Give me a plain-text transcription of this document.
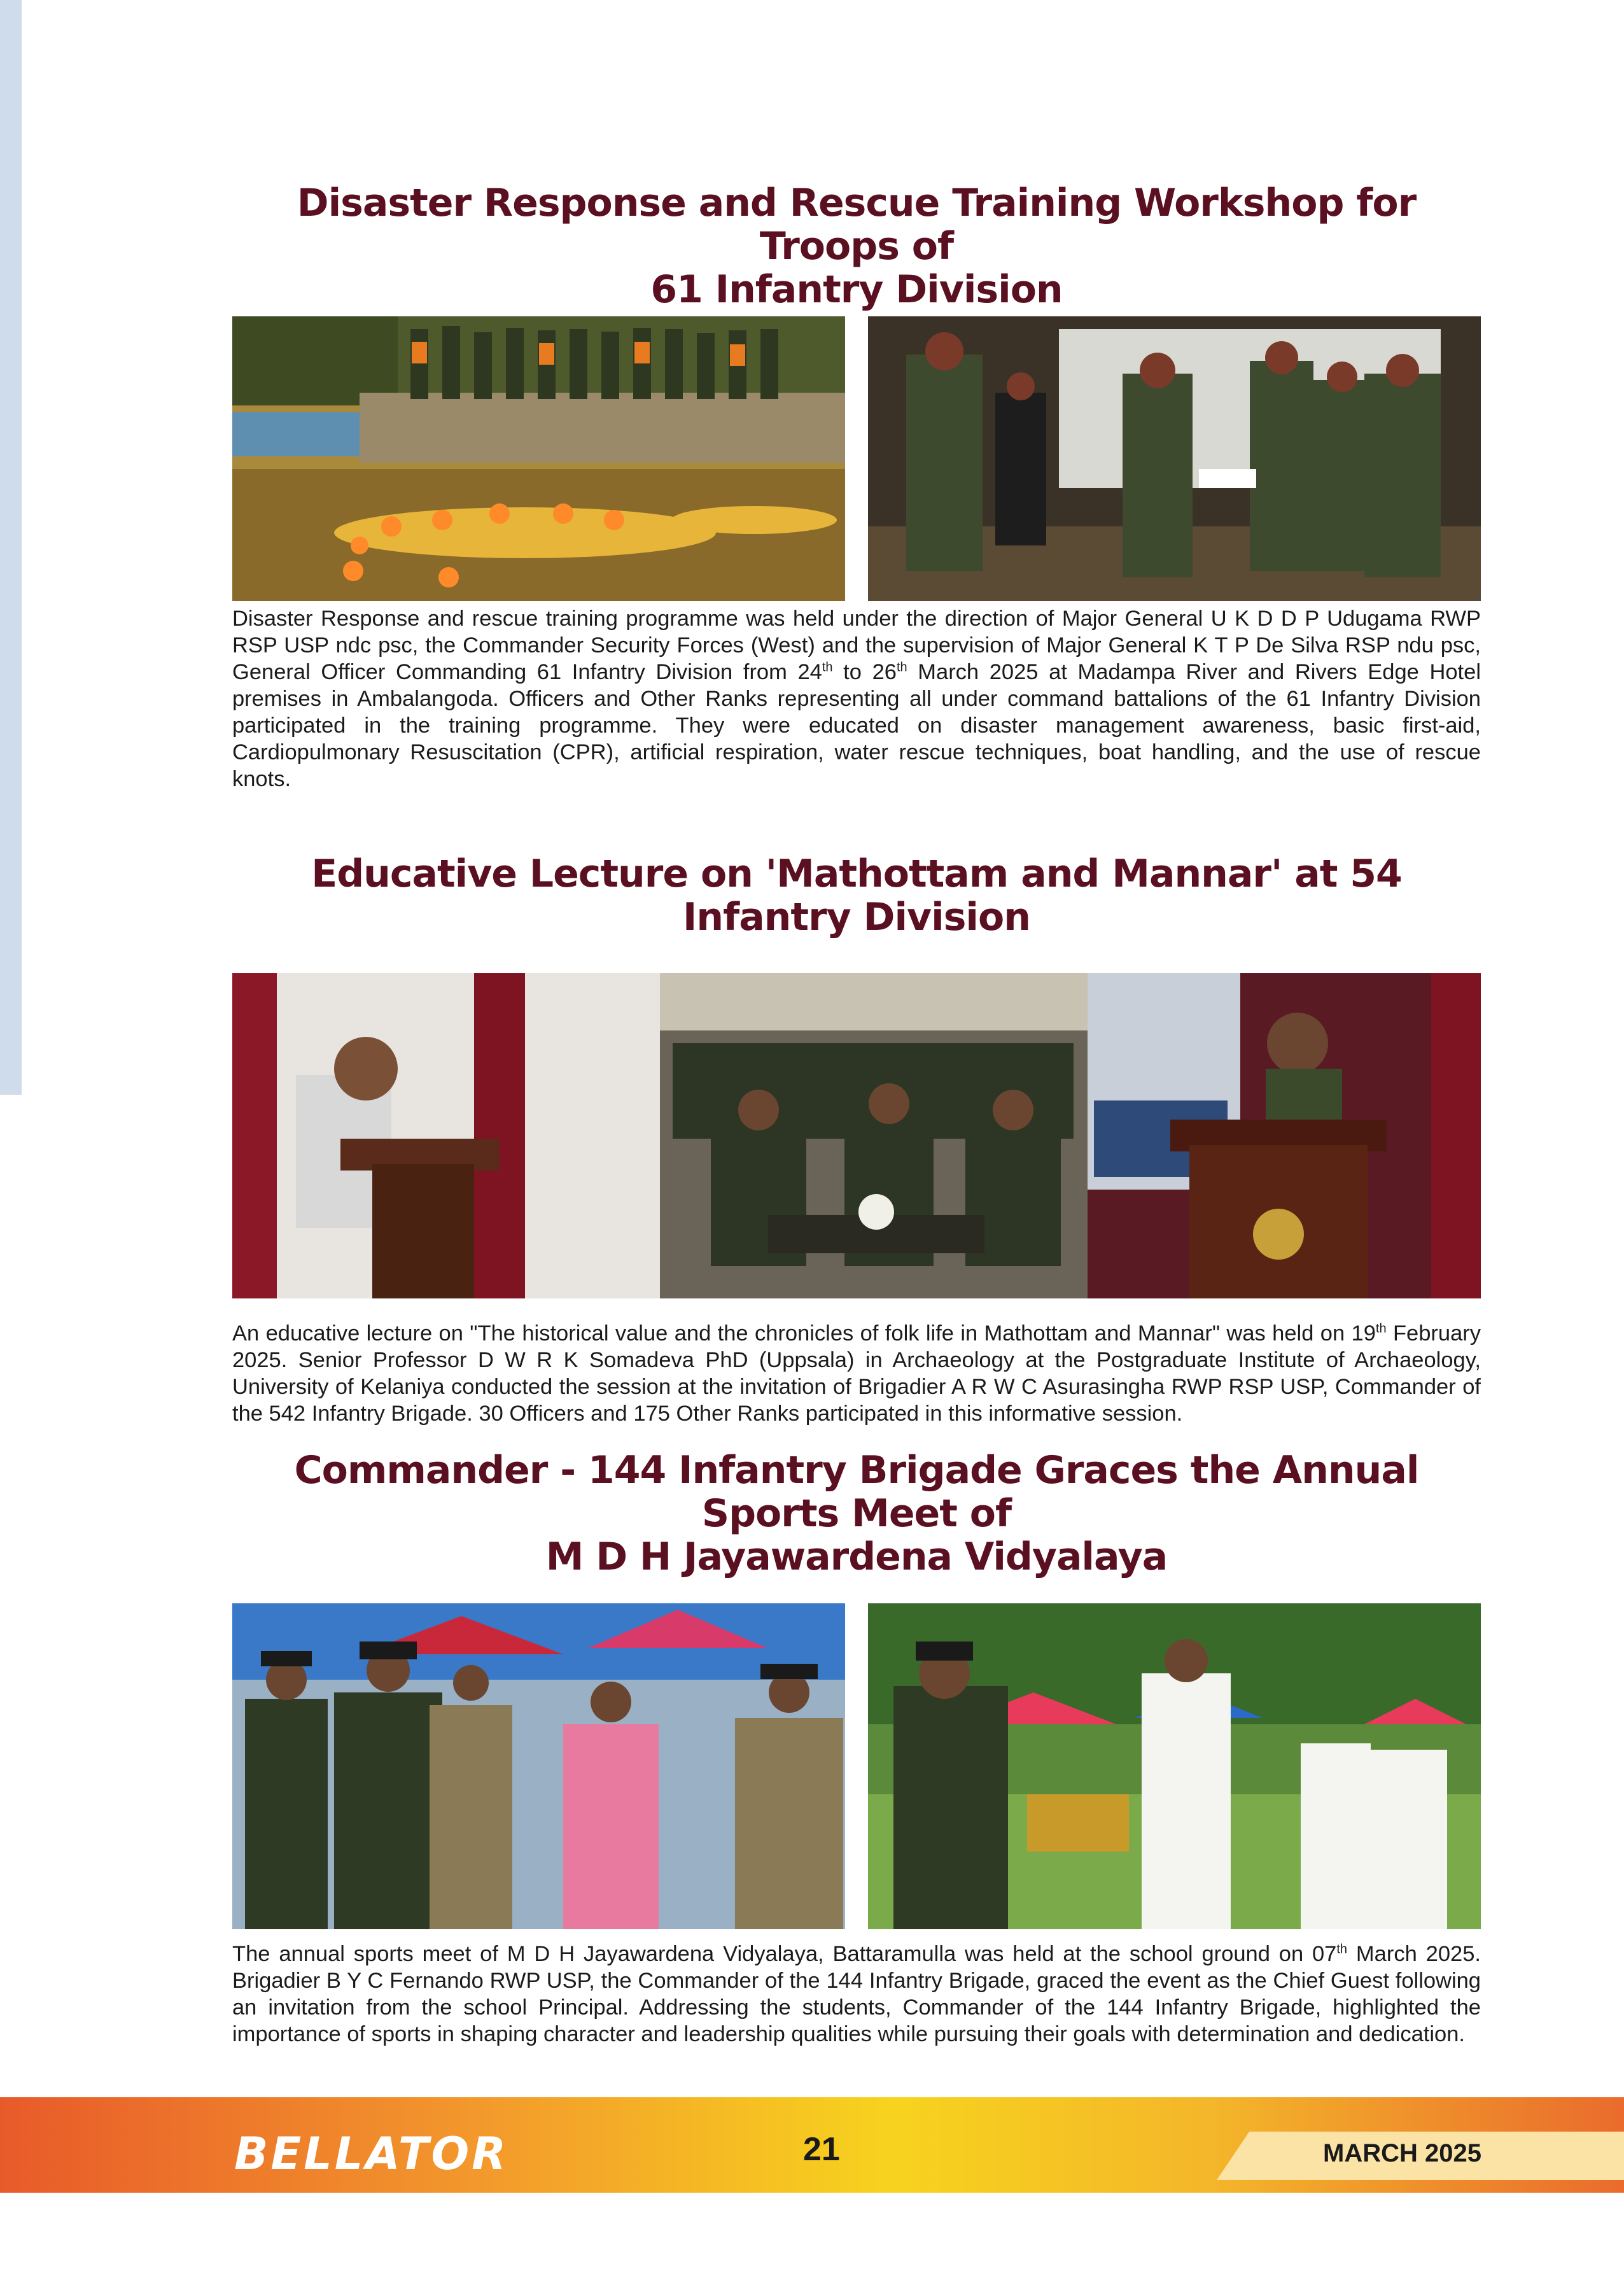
Disaster Response and Rescue Training Workshop for Troops of
61 Infantry Division

Disaster Response and rescue training programme was held under the direction of Major General U K D D P Udugama RWP RSP USP ndc psc, the Commander Security Forces (West) and the supervision of Major General K T P De Silva RSP ndu psc, General Officer Commanding 61 Infantry Division from 24th to 26th March 2025 at Madampa River and Rivers Edge Hotel premises in Ambalangoda. Officers and Other Ranks representing all under command battalions of the 61 Infantry Division participated in the training programme. They were educated on disaster management awareness, basic first-aid, Cardiopulmonary Resuscitation (CPR), artificial respiration, water rescue techniques, boat handling, and the use of rescue knots.

Educative Lecture on 'Mathottam and Mannar' at 54 Infantry Division

An educative lecture on "The historical value and the chronicles of folk life in Mathottam and Mannar" was held on 19th February 2025. Senior Professor D W R K Somadeva PhD (Uppsala) in Archaeology at the Postgraduate Institute of Archaeology, University of Kelaniya conducted the session at the invitation of Brigadier A R W C Asurasingha RWP RSP USP, Commander of the 542 Infantry Brigade. 30 Officers and 175 Other Ranks participated in this informative session.

Commander - 144 Infantry Brigade Graces the Annual Sports Meet of
M D H Jayawardena Vidyalaya

The annual sports meet of M D H Jayawardena Vidyalaya, Battaramulla was held at the school ground on 07th March 2025. Brigadier B Y C Fernando RWP USP, the Commander of the 144 Infantry Brigade, graced the event as the Chief Guest following an invitation from the school Principal. Addressing the students, Commander of the 144 Infantry Brigade, highlighted the importance of sports in shaping character and leadership qualities while pursuing their goals with determination and dedication.

BELLATOR	21	MARCH 2025
